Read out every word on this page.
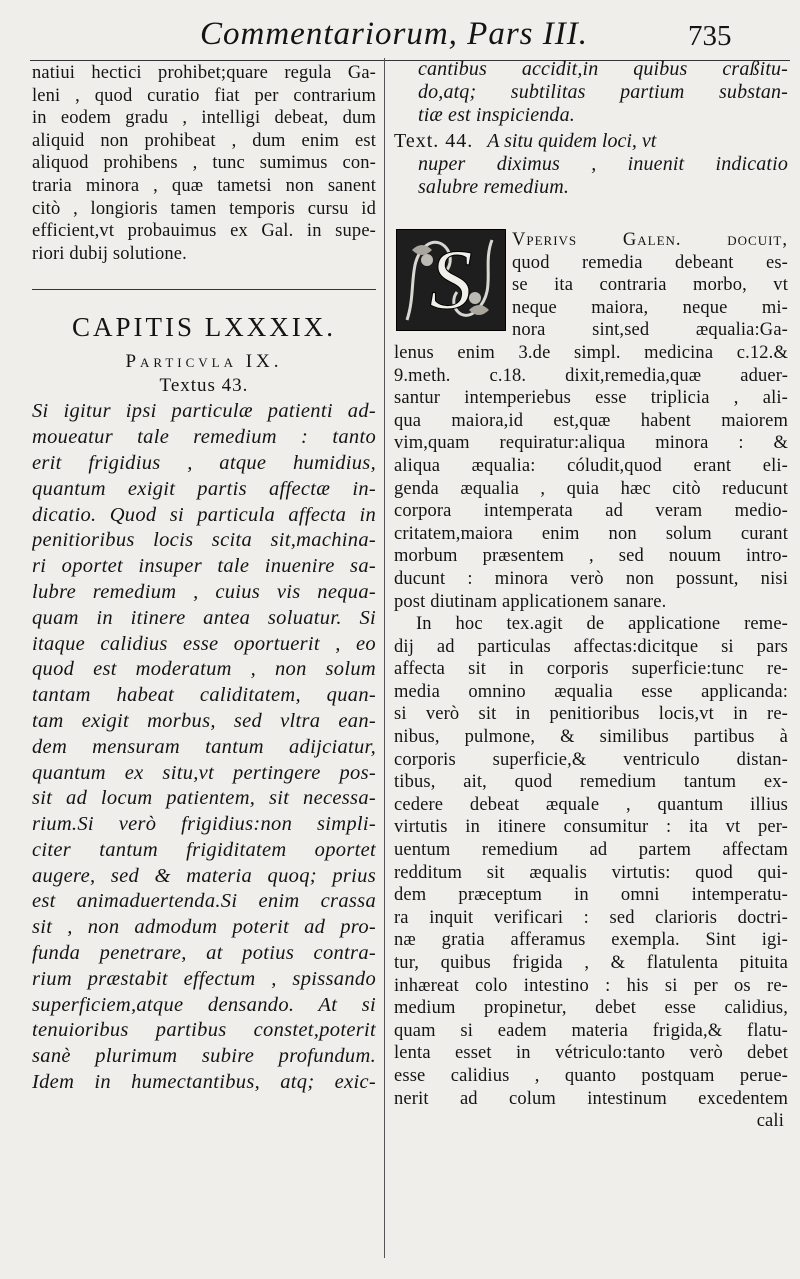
Commentariorum, Pars III.	735
natiui hectici prohibet;quare regula Ga-
leni , quod curatio fiat per contrarium
in eodem gradu , intelligi debeat, dum
aliquid non prohibeat , dum enim est
aliquod prohibens , tunc sumimus con-
traria minora , quæ tametsi non sanent
citò , longioris tamen temporis cursu id
efficient,vt probauimus ex Gal. in supe-
riori dubij solutione.
CAPITIS LXXXIX.
Particvla IX.
Textus 43.
Si igitur ipsi particulæ patienti ad-
moueatur tale remedium : tanto
erit frigidius , atque humidius,
quantum exigit partis affectæ in-
dicatio. Quod si particula affecta in
penitioribus locis scita sit,machina-
ri oportet insuper tale inuenire sa-
lubre remedium , cuius vis nequa-
quam in itinere antea soluatur. Si
itaque calidius esse oportuerit , eo
quod est moderatum , non solum
tantam habeat caliditatem, quan-
tam exigit morbus, sed vltra ean-
dem mensuram tantum adijciatur,
quantum ex situ,vt pertingere pos-
sit ad locum patientem, sit necessa-
rium.Si verò frigidius:non simpli-
citer tantum frigiditatem oportet
augere, sed & materia quoq; prius
est animaduertenda.Si enim crassa
sit , non admodum poterit ad pro-
funda penetrare, at potius contra-
rium præstabit effectum , spissando
superficiem,atque densando. At si
tenuioribus partibus constet,poterit
sanè plurimum subire profundum.
Idem in humectantibus, atq; exic-
cantibus accidit,in quibus craßitu-
do,atq; subtilitas partium substan-
tiæ est inspicienda.
Text. 44. A situ quidem loci, vt
nuper diximus , inuenit indicatio
salubre remedium.
S	Vperivs Galen. docuit,
quod remedia debeant es-
se ita contraria morbo, vt
neque maiora, neque mi-
nora sint,sed æqualia:Ga-
lenus enim 3.de simpl. medicina c.12.&
9.meth. c.18. dixit,remedia,quæ aduer-
santur intemperiebus esse triplicia , ali-
qua maiora,id est,quæ habent maiorem
vim,quam requiratur:aliqua minora : &
aliqua æqualia: cóludit,quod erant eli-
genda æqualia , quia hæc citò reducunt
corpora intemperata ad veram medio-
critatem,maiora enim non solum curant
morbum præsentem , sed nouum intro-
ducunt : minora verò non possunt, nisi
post diutinam applicationem sanare.
In hoc tex.agit de applicatione reme-
dij ad particulas affectas:dicitque si pars
affecta sit in corporis superficie:tunc re-
media omnino æqualia esse applicanda:
si verò sit in penitioribus locis,vt in re-
nibus, pulmone, & similibus partibus à
corporis superficie,& ventriculo distan-
tibus, ait, quod remedium tantum ex-
cedere debeat æquale , quantum illius
virtutis in itinere consumitur : ita vt per-
uentum remedium ad partem affectam
redditum sit æqualis virtutis: quod qui-
dem præceptum in omni intemperatu-
ra inquit verificari : sed clarioris doctri-
næ gratia afferamus exempla. Sint igi-
tur, quibus frigida , & flatulenta pituita
inhæreat colo intestino : his si per os re-
medium propinetur, debet esse calidius,
quam si eadem materia frigida,& flatu-
lenta esset in vétriculo:tanto verò debet
esse calidius , quanto postquam perue-
nerit ad colum intestinum excedentem
cali
